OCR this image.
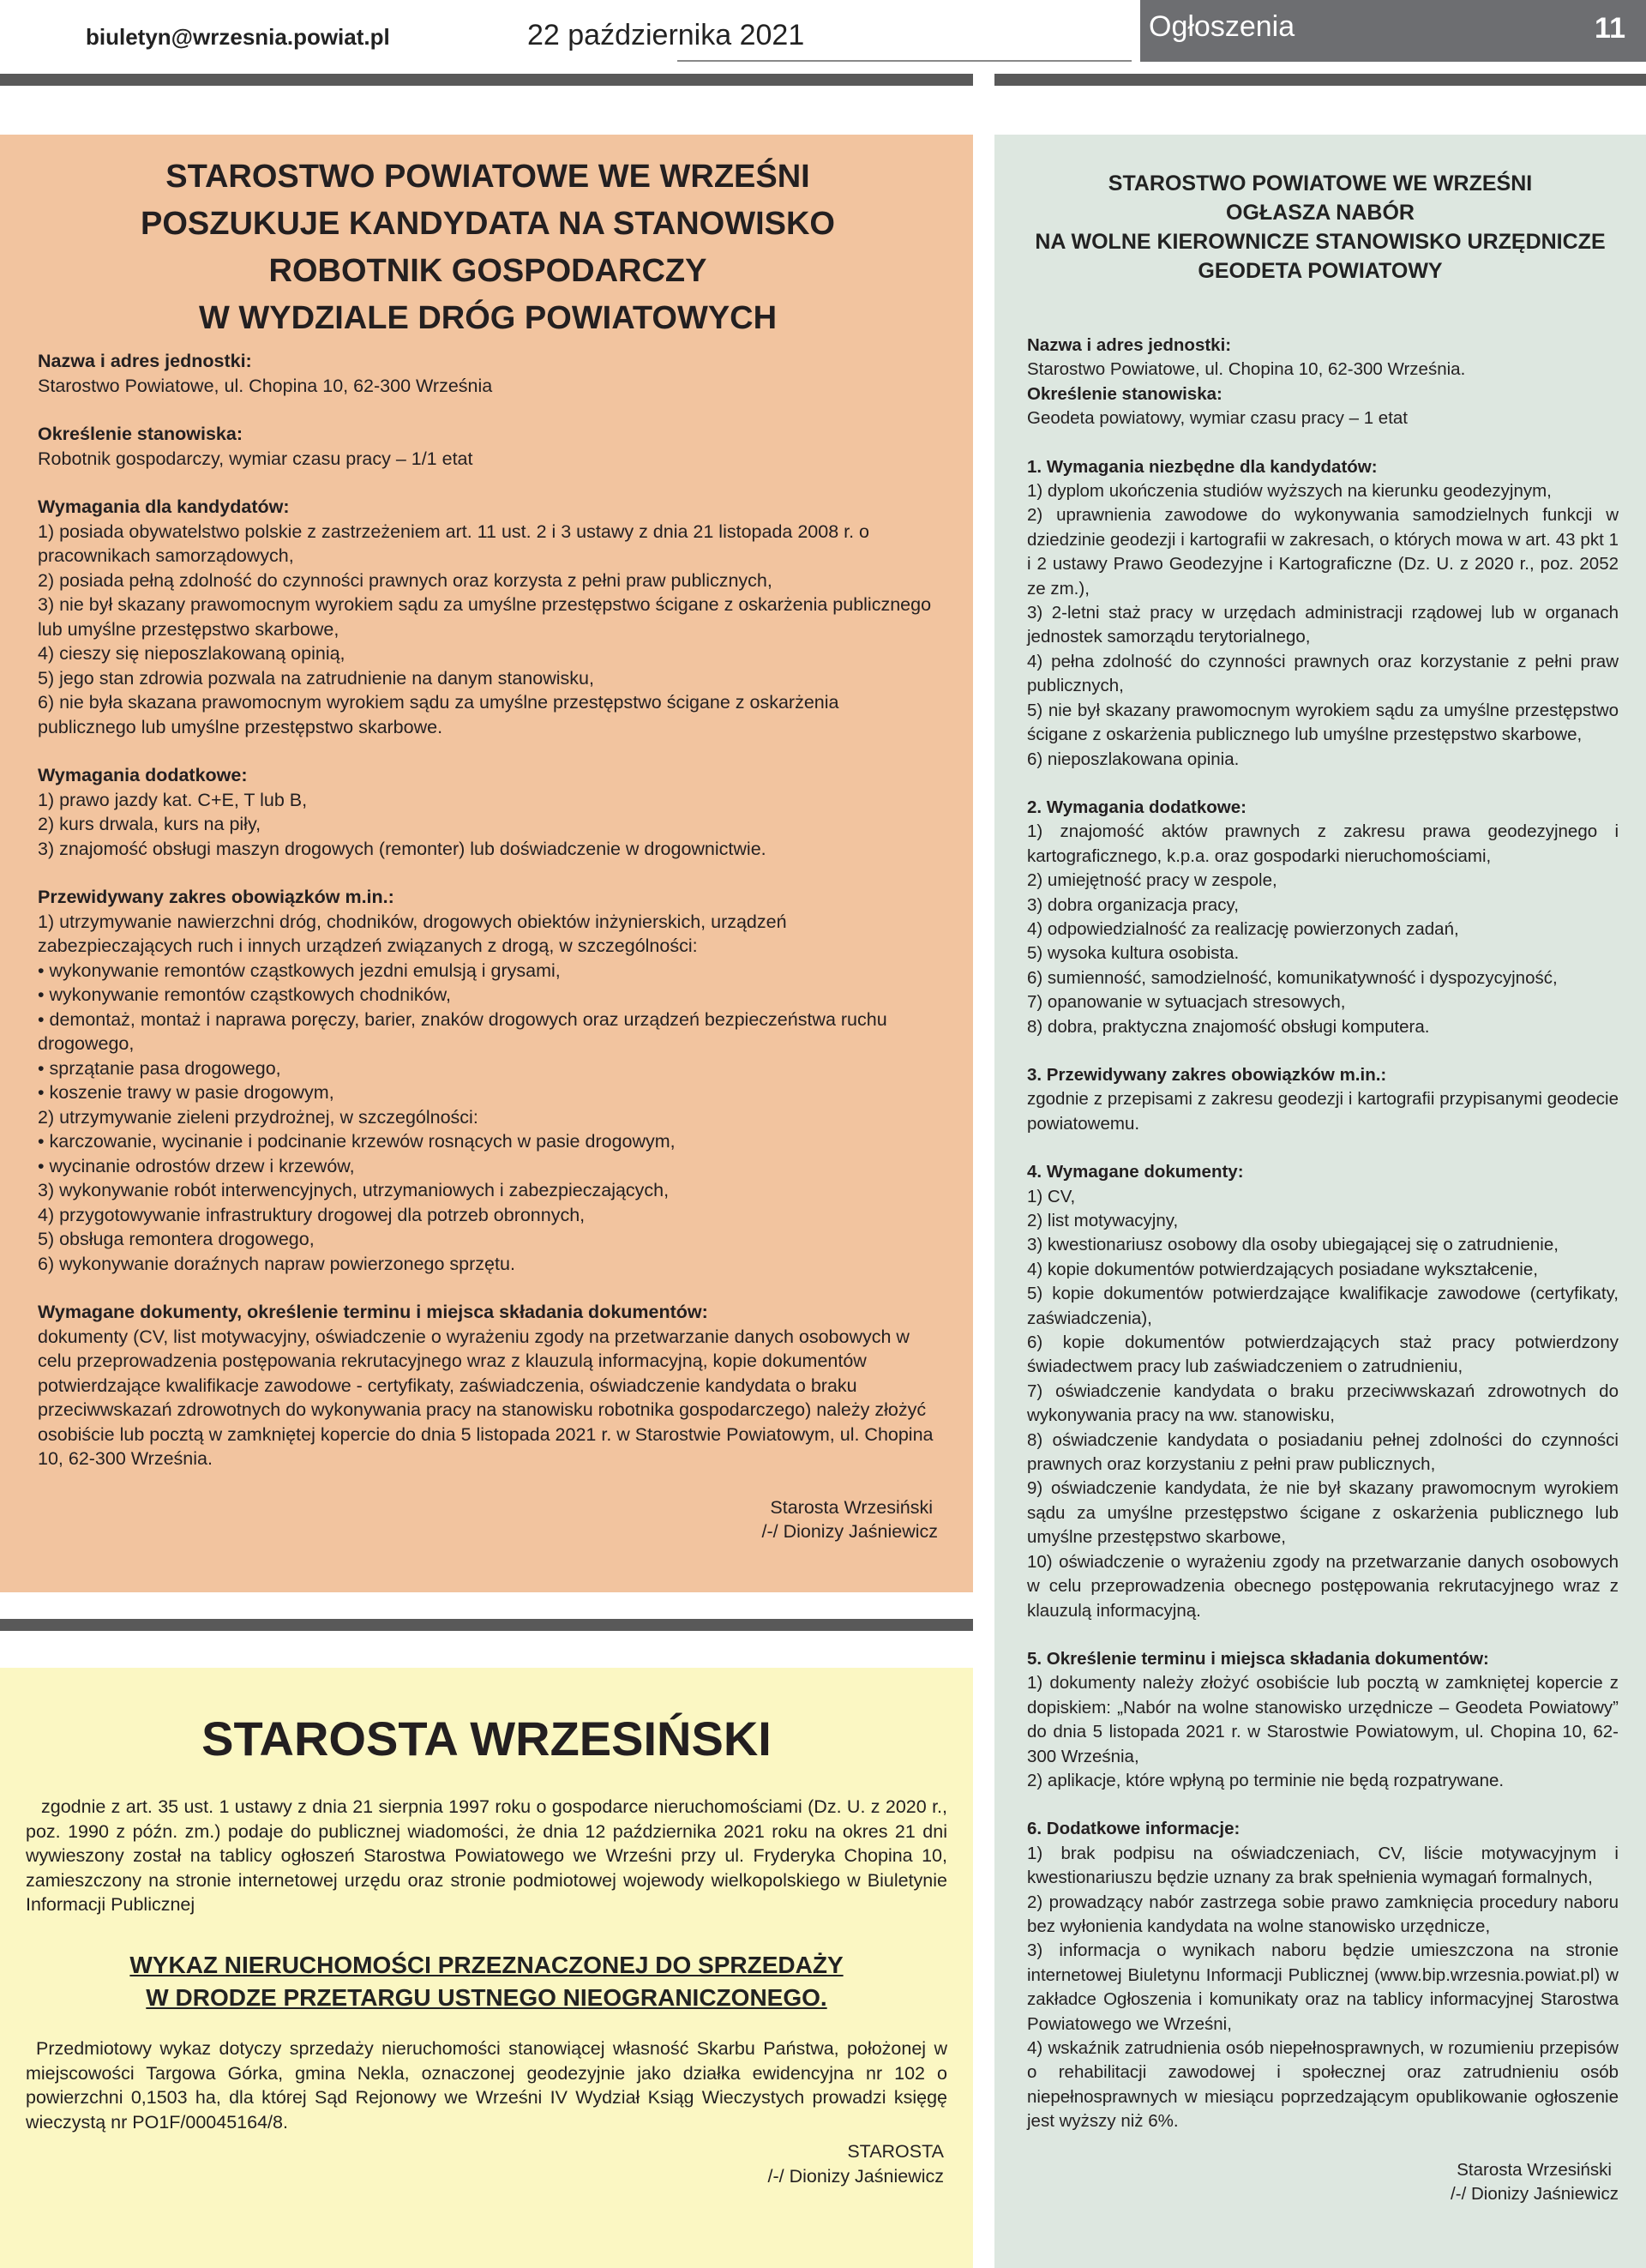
biuletyn@wrzesnia.powiat.pl	22 października 2021	Ogłoszenia	11
STAROSTWO POWIATOWE WE WRZEŚNI
POSZUKUJE KANDYDATA NA STANOWISKO
ROBOTNIK GOSPODARCZY
W WYDZIALE DRÓG POWIATOWYCH

Nazwa i adres jednostki:

Starostwo Powiatowe, ul. Chopina 10, 62-300 Września

Określenie stanowiska:

Robotnik gospodarczy, wymiar czasu pracy – 1/1 etat

Wymagania dla kandydatów:

1) posiada obywatelstwo polskie z zastrzeżeniem art. 11 ust. 2 i 3 ustawy z dnia 21 listopada 2008 r. o pracownikach samorządowych,

2) posiada pełną zdolność do czynności prawnych oraz korzysta z pełni praw publicznych,

3) nie był skazany prawomocnym wyrokiem sądu za umyślne przestępstwo ścigane z oskarżenia publicznego lub umyślne przestępstwo skarbowe,

4) cieszy się nieposzlakowaną opinią,

5) jego stan zdrowia pozwala na zatrudnienie na danym stanowisku,

6) nie była skazana prawomocnym wyrokiem sądu za umyślne przestępstwo ścigane z oskarżenia publicznego lub umyślne przestępstwo skarbowe.

Wymagania dodatkowe:

1) prawo jazdy kat. C+E, T lub B,

2) kurs drwala, kurs na piły,

3) znajomość obsługi maszyn drogowych (remonter) lub doświadczenie w drogownictwie.

Przewidywany zakres obowiązków m.in.:

1) utrzymywanie nawierzchni dróg, chodników, drogowych obiektów inżynierskich, urządzeń zabezpieczających ruch i innych urządzeń związanych z drogą, w szczególności:

• wykonywanie remontów cząstkowych jezdni emulsją i grysami,

• wykonywanie remontów cząstkowych chodników,

• demontaż, montaż i naprawa poręczy, barier, znaków drogowych oraz urządzeń bezpieczeństwa ruchu drogowego,

• sprzątanie pasa drogowego,

• koszenie trawy w pasie drogowym,

2) utrzymywanie zieleni przydrożnej, w szczególności:

• karczowanie, wycinanie i podcinanie krzewów rosnących w pasie drogowym,

• wycinanie odrostów drzew i krzewów,

3) wykonywanie robót interwencyjnych, utrzymaniowych i zabezpieczających,

4) przygotowywanie infrastruktury drogowej dla potrzeb obronnych,

5) obsługa remontera drogowego,

6) wykonywanie doraźnych napraw powierzonego sprzętu.

Wymagane dokumenty, określenie terminu i miejsca składania dokumentów:

dokumenty (CV, list motywacyjny, oświadczenie o wyrażeniu zgody na przetwarzanie danych osobowych w celu przeprowadzenia postępowania rekrutacyjnego wraz z klauzulą informacyjną, kopie dokumentów potwierdzające kwalifikacje zawodowe - certyfikaty, zaświadczenia, oświadczenie kandydata o braku przeciwwskazań zdrowotnych do wykonywania pracy na stanowisku robotnika gospodarczego) należy złożyć osobiście lub pocztą w zamkniętej kopercie do dnia 5 listopada 2021 r. w Starostwie Powiatowym, ul. Chopina 10, 62-300 Września.

Starosta Wrzesiński

/-/ Dionizy Jaśniewicz

STAROSTA WRZESIŃSKI

zgodnie z art. 35 ust. 1 ustawy z dnia 21 sierpnia 1997 roku o gospodarce nieruchomościami (Dz. U. z 2020 r., poz. 1990 z późn. zm.) podaje do publicznej wiadomości, że dnia 12 października 2021 roku na okres 21 dni wywieszony został na tablicy ogłoszeń Starostwa Powiatowego we Wrześni przy ul. Fryderyka Chopina 10, zamieszczony na stronie internetowej urzędu oraz stronie podmiotowej wojewody wielkopolskiego w Biuletynie Informacji Publicznej

WYKAZ NIERUCHOMOŚCI PRZEZNACZONEJ DO SPRZEDAŻY
W DRODZE PRZETARGU USTNEGO NIEOGRANICZONEGO.

Przedmiotowy wykaz dotyczy sprzedaży nieruchomości stanowiącej własność Skarbu Państwa, położonej w miejscowości Targowa Górka, gmina Nekla, oznaczonej geodezyjnie jako działka ewidencyjna nr 102 o powierzchni 0,1503 ha, dla której Sąd Rejonowy we Wrześni IV Wydział Ksiąg Wieczystych prowadzi księgę wieczystą nr PO1F/00045164/8.

STAROSTA

/-/ Dionizy Jaśniewicz

STAROSTWO POWIATOWE WE WRZEŚNI
OGŁASZA NABÓR
NA WOLNE KIEROWNICZE STANOWISKO URZĘDNICZE
GEODETA POWIATOWY

Nazwa i adres jednostki:

Starostwo Powiatowe, ul. Chopina 10, 62-300 Września.

Określenie stanowiska:

Geodeta powiatowy, wymiar czasu pracy – 1 etat

1. Wymagania niezbędne dla kandydatów:

1) dyplom ukończenia studiów wyższych na kierunku geodezyjnym,

2) uprawnienia zawodowe do wykonywania samodzielnych funkcji w dziedzinie geodezji i kartografii w zakresach, o których mowa w art. 43 pkt 1 i 2 ustawy Prawo Geodezyjne i Kartograficzne (Dz. U. z 2020 r., poz. 2052 ze zm.),

3) 2-letni staż pracy w urzędach administracji rządowej lub w organach jednostek samorządu terytorialnego,

4) pełna zdolność do czynności prawnych oraz korzystanie z pełni praw publicznych,

5) nie był skazany prawomocnym wyrokiem sądu za umyślne przestępstwo ścigane z oskarżenia publicznego lub umyślne przestępstwo skarbowe,

6) nieposzlakowana opinia.

2. Wymagania dodatkowe:

1) znajomość aktów prawnych z zakresu prawa geodezyjnego i kartograficznego, k.p.a. oraz gospodarki nieruchomościami,

2) umiejętność pracy w zespole,

3) dobra organizacja pracy,

4) odpowiedzialność za realizację powierzonych zadań,

5) wysoka kultura osobista.

6) sumienność, samodzielność, komunikatywność i dyspozycyjność,

7) opanowanie w sytuacjach stresowych,

8) dobra, praktyczna znajomość obsługi komputera.

3. Przewidywany zakres obowiązków m.in.:

zgodnie z przepisami z zakresu geodezji i kartografii przypisanymi geodecie powiatowemu.

4. Wymagane dokumenty:

1) CV,

2) list motywacyjny,

3) kwestionariusz osobowy dla osoby ubiegającej się o zatrudnienie,

4) kopie dokumentów potwierdzających posiadane wykształcenie,

5) kopie dokumentów potwierdzające kwalifikacje zawodowe (certyfikaty, zaświadczenia),

6) kopie dokumentów potwierdzających staż pracy potwierdzony świadectwem pracy lub zaświadczeniem o zatrudnieniu,

7) oświadczenie kandydata o braku przeciwwskazań zdrowotnych do wykonywania pracy na ww. stanowisku,

8) oświadczenie kandydata o posiadaniu pełnej zdolności do czynności prawnych oraz korzystaniu z pełni praw publicznych,

9) oświadczenie kandydata, że nie był skazany prawomocnym wyrokiem sądu za umyślne przestępstwo ścigane z oskarżenia publicznego lub umyślne przestępstwo skarbowe,

10) oświadczenie o wyrażeniu zgody na przetwarzanie danych osobowych w celu przeprowadzenia obecnego postępowania rekrutacyjnego wraz z klauzulą informacyjną.

5. Określenie terminu i miejsca składania dokumentów:

1) dokumenty należy złożyć osobiście lub pocztą w zamkniętej kopercie z dopiskiem: „Nabór na wolne stanowisko urzędnicze – Geodeta Powiatowy” do dnia 5 listopada 2021 r. w Starostwie Powiatowym, ul. Chopina 10, 62-300 Września,

2) aplikacje, które wpłyną po terminie nie będą rozpatrywane.

6. Dodatkowe informacje:

1) brak podpisu na oświadczeniach, CV, liście motywacyjnym i kwestionariuszu będzie uznany za brak spełnienia wymagań formalnych,

2) prowadzący nabór zastrzega sobie prawo zamknięcia procedury naboru bez wyłonienia kandydata na wolne stanowisko urzędnicze,

3) informacja o wynikach naboru będzie umieszczona na stronie internetowej Biuletynu Informacji Publicznej (www.bip.wrzesnia.powiat.pl) w zakładce Ogłoszenia i komunikaty oraz na tablicy informacyjnej Starostwa Powiatowego we Wrześni,

4) wskaźnik zatrudnienia osób niepełnosprawnych, w rozumieniu przepisów o rehabilitacji zawodowej i społecznej oraz zatrudnieniu osób niepełnosprawnych w miesiącu poprzedzającym opublikowanie ogłoszenie jest wyższy niż 6%.

Starosta Wrzesiński

/-/ Dionizy Jaśniewicz
